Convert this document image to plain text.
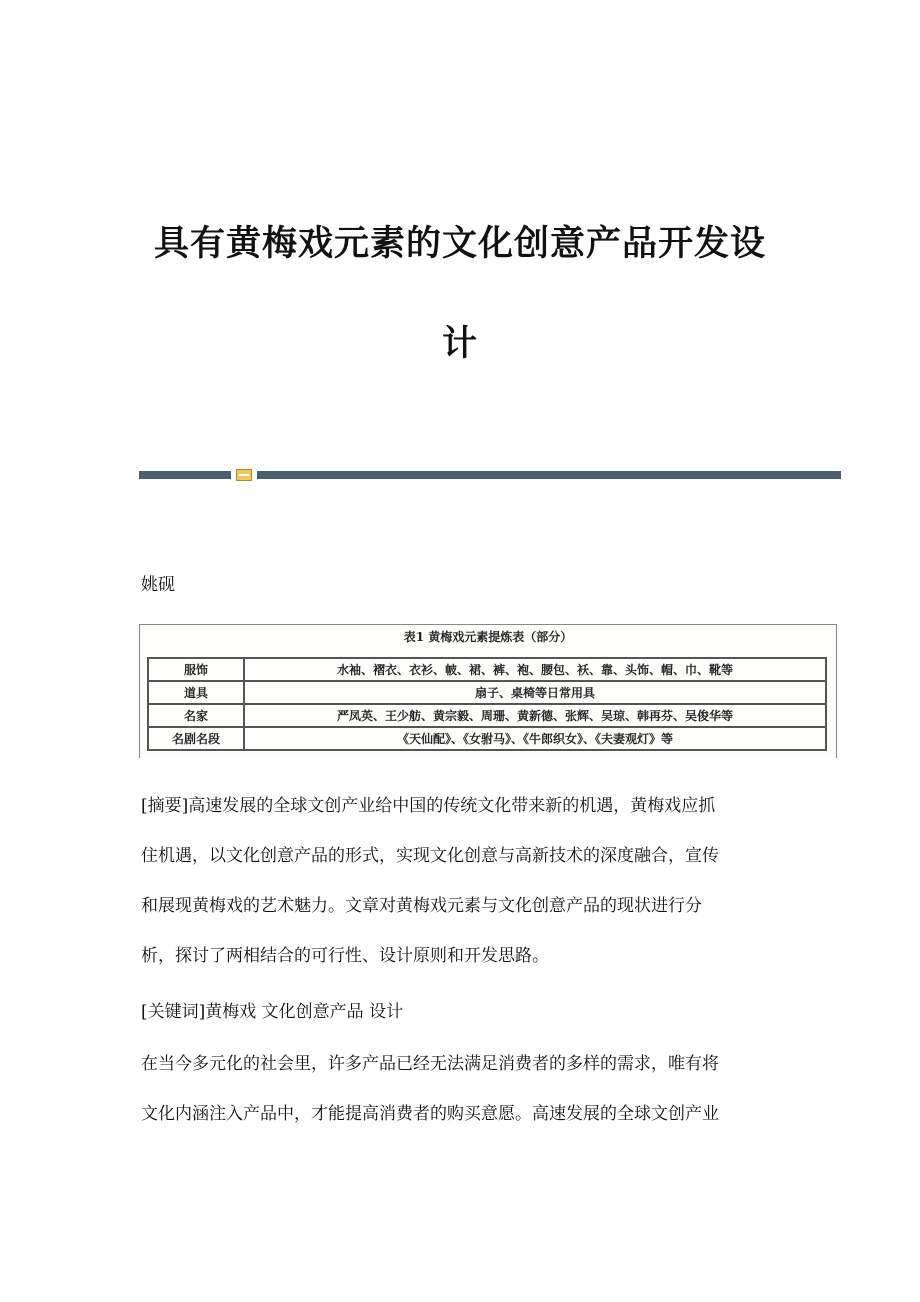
具有黄梅戏元素的文化创意产品开发设
计

姚砚

表1 黄梅戏元素提炼表（部分）
服饰	水袖、褶衣、衣衫、帔、裙、裤、袍、腰包、袄、靠、头饰、帽、巾、靴等
道具	扇子、桌椅等日常用具
名家	严凤英、王少舫、黄宗毅、周珊、黄新德、张辉、吴琼、韩再芬、吴俊华等
名剧名段	《天仙配》、《女驸马》、《牛郎织女》、《夫妻观灯》等

[摘要]高速发展的全球文创产业给中国的传统文化带来新的机遇，黄梅戏应抓

住机遇，以文化创意产品的形式，实现文化创意与高新技术的深度融合，宣传

和展现黄梅戏的艺术魅力。文章对黄梅戏元素与文化创意产品的现状进行分

析，探讨了两相结合的可行性、设计原则和开发思路。

[关键词]黄梅戏 文化创意产品 设计

在当今多元化的社会里，许多产品已经无法满足消费者的多样的需求，唯有将

文化内涵注入产品中，才能提高消费者的购买意愿。高速发展的全球文创产业
